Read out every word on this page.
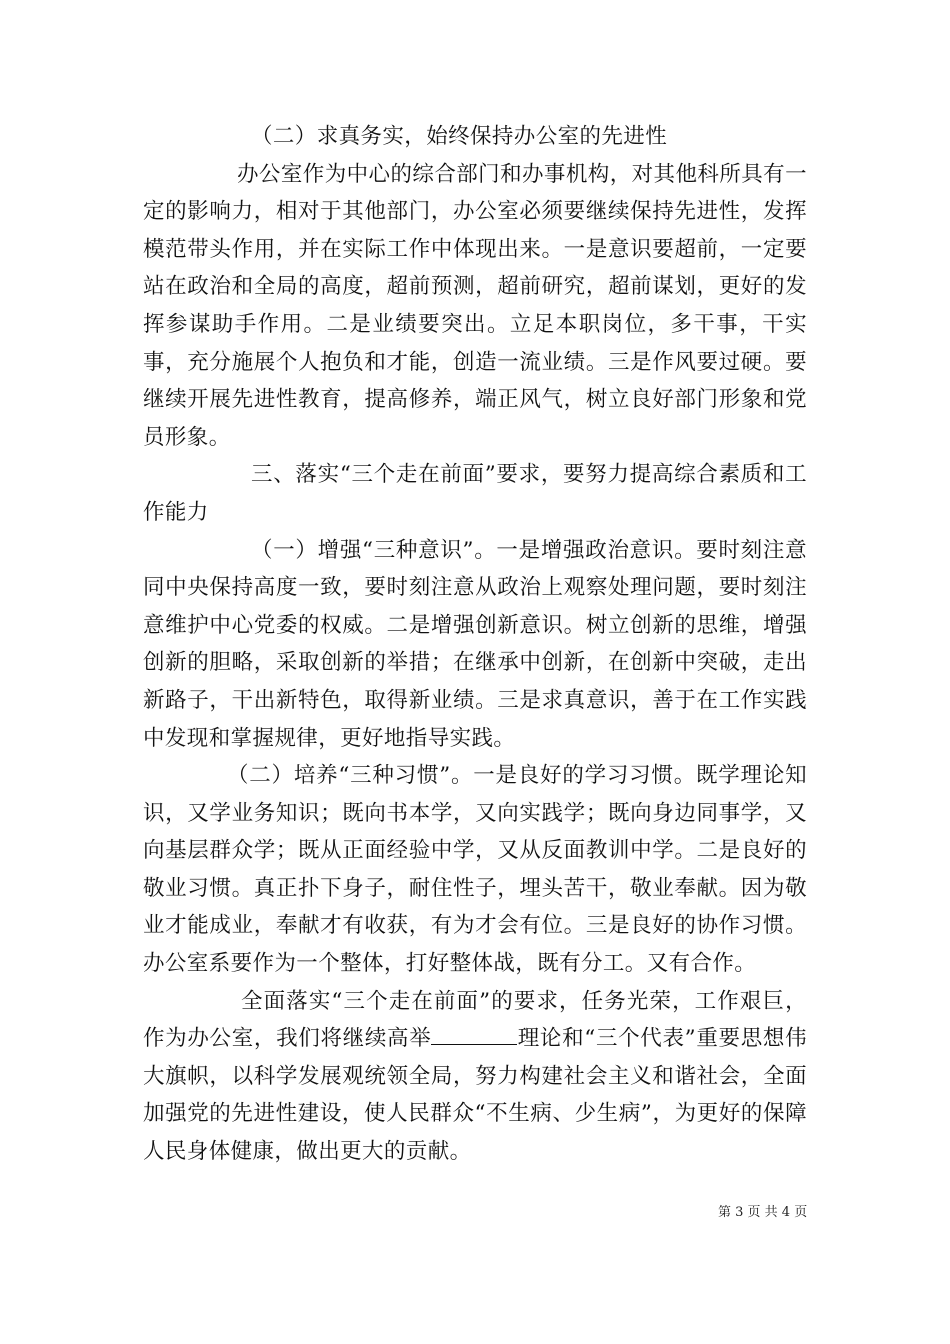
（二）求真务实，始终保持办公室的先进性

办公室作为中心的综合部门和办事机构，对其他科所具有一定的影响力，相对于其他部门，办公室必须要继续保持先进性，发挥模范带头作用，并在实际工作中体现出来。一是意识要超前，一定要站在政治和全局的高度，超前预测，超前研究，超前谋划，更好的发挥参谋助手作用。二是业绩要突出。立足本职岗位，多干事，干实事，充分施展个人抱负和才能，创造一流业绩。三是作风要过硬。要继续开展先进性教育，提高修养，端正风气，树立良好部门形象和党员形象。

三、落实“三个走在前面”要求，要努力提高综合素质和工作能力

（一）增强“三种意识”。一是增强政治意识。要时刻注意同中央保持高度一致，要时刻注意从政治上观察处理问题，要时刻注意维护中心党委的权威。二是增强创新意识。树立创新的思维，增强创新的胆略，采取创新的举措；在继承中创新，在创新中突破，走出新路子，干出新特色，取得新业绩。三是求真意识，善于在工作实践中发现和掌握规律，更好地指导实践。

（二）培养“三种习惯”。一是良好的学习习惯。既学理论知识，又学业务知识；既向书本学，又向实践学；既向身边同事学，又向基层群众学；既从正面经验中学，又从反面教训中学。二是良好的敬业习惯。真正扑下身子，耐住性子，埋头苦干，敬业奉献。因为敬业才能成业，奉献才有收获，有为才会有位。三是良好的协作习惯。办公室系要作为一个整体，打好整体战，既有分工。又有合作。

全面落实“三个走在前面”的要求，任务光荣，工作艰巨，作为办公室，我们将继续高举	理论和“三个代表”重要思想伟大旗帜，以科学发展观统领全局，努力构建社会主义和谐社会，全面加强党的先进性建设，使人民群众“不生病、少生病”，为更好的保障人民身体健康，做出更大的贡献。

第 3 页 共 4 页
